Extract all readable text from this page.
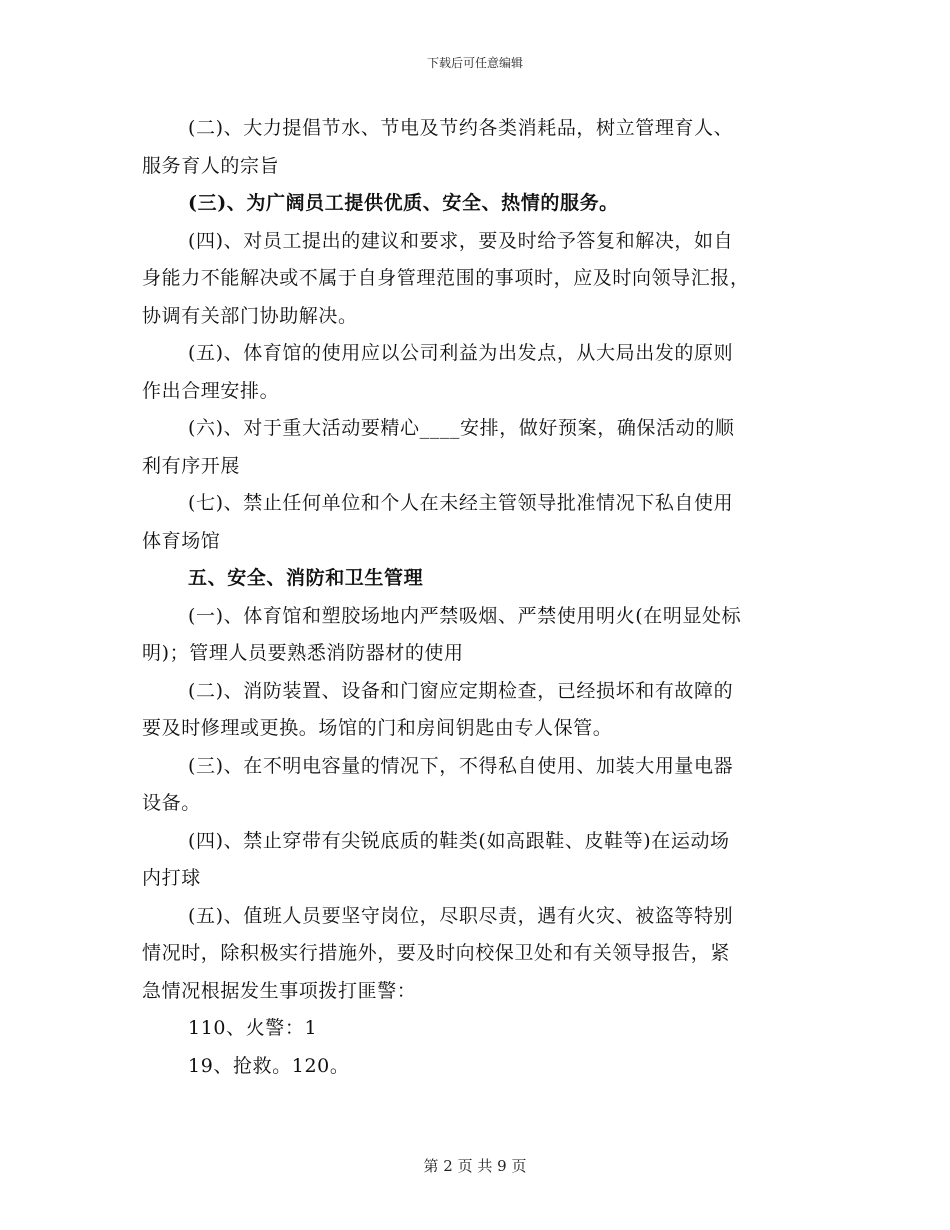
下载后可任意编辑
(二)、大力提倡节水、节电及节约各类消耗品，树立管理育人、
服务育人的宗旨
(三)、为广阔员工提供优质、安全、热情的服务。
(四)、对员工提出的建议和要求，要及时给予答复和解决，如自
身能力不能解决或不属于自身管理范围的事项时，应及时向领导汇报，
协调有关部门协助解决。
(五)、体育馆的使用应以公司利益为出发点，从大局出发的原则
作出合理安排。
(六)、对于重大活动要精心____安排，做好预案，确保活动的顺
利有序开展
(七)、禁止任何单位和个人在未经主管领导批准情况下私自使用
体育场馆
五、安全、消防和卫生管理
(一)、体育馆和塑胶场地内严禁吸烟、严禁使用明火(在明显处标
明)；管理人员要熟悉消防器材的使用
(二)、消防装置、设备和门窗应定期检查，已经损坏和有故障的
要及时修理或更换。场馆的门和房间钥匙由专人保管。
(三)、在不明电容量的情况下，不得私自使用、加装大用量电器
设备。
(四)、禁止穿带有尖锐底质的鞋类(如高跟鞋、皮鞋等)在运动场
内打球
(五)、值班人员要坚守岗位，尽职尽责，遇有火灾、被盗等特别
情况时，除积极实行措施外，要及时向校保卫处和有关领导报告，紧
急情况根据发生事项拨打匪警：
110、火警：1
19、抢救。120。
第 2 页 共 9 页
